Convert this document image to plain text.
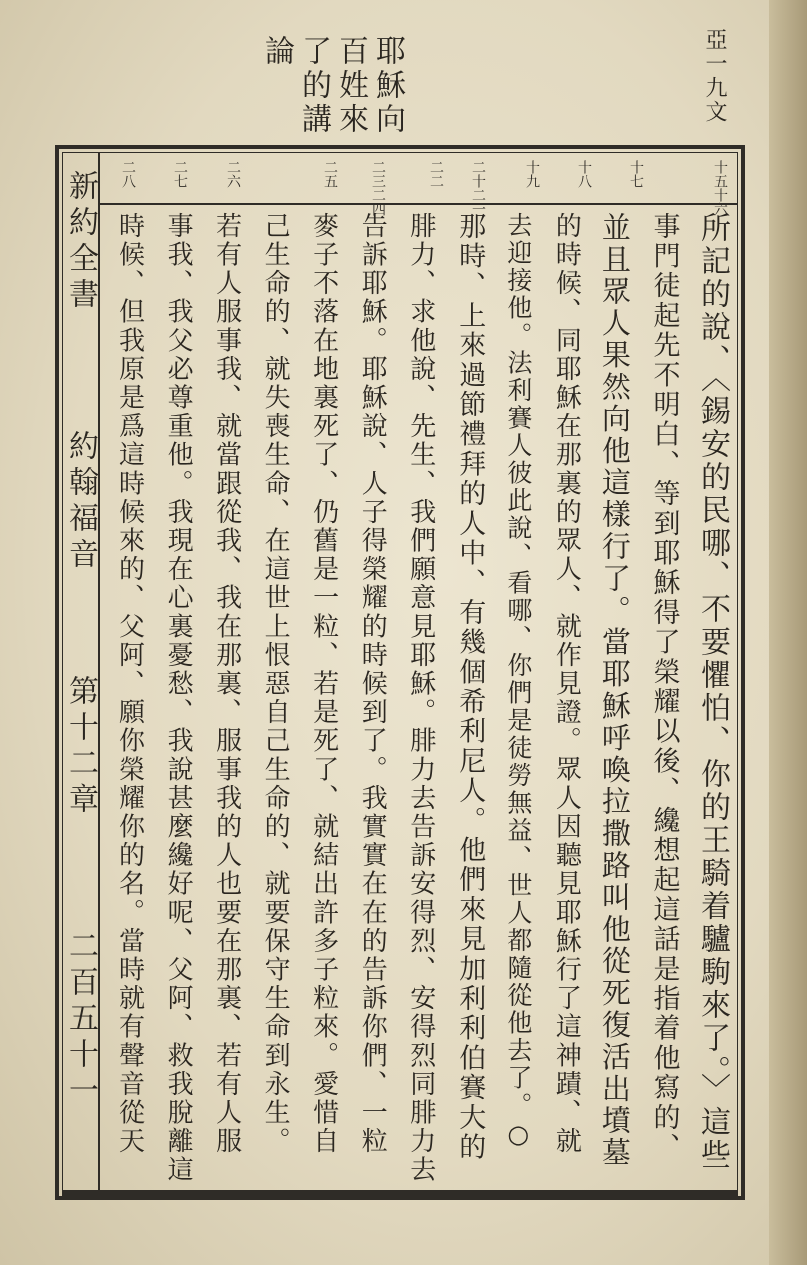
耶穌向
百姓來
了的講
論	亞一九文
新約全書
約翰福音
第十二章
二百五十一
十五十六
十七
十八
十九
二十二一
二二
二三二四
二五
二六
二七
二八
所記的說、〈錫安的民哪、不要懼怕、你的王騎着驢駒來了。〉這些
事門徒起先不明白、等到耶穌得了榮耀以後、纔想起這話是指着他寫的、
並且眾人果然向他這樣行了。當耶穌呼喚拉撒路叫他從死復活出墳墓
的時候、同耶穌在那裏的眾人、就作見證。眾人因聽見耶穌行了這神蹟、就
去迎接他。法利賽人彼此說、看哪、你們是徒勞無益、世人都隨從他去了。○
那時、上來過節禮拜的人中、有幾個希利尼人。他們來見加利利伯賽大的
腓力、求他說、先生、我們願意見耶穌。腓力去告訴安得烈、安得烈同腓力去
告訴耶穌。耶穌說、人子得榮耀的時候到了。我實實在在的告訴你們、一粒
麥子不落在地裏死了、仍舊是一粒、若是死了、就結出許多子粒來。愛惜自
己生命的、就失喪生命、在這世上恨惡自己生命的、就要保守生命到永生。
若有人服事我、就當跟從我、我在那裏、服事我的人也要在那裏、若有人服
事我、我父必尊重他。我現在心裏憂愁、我說甚麼纔好呢、父阿、救我脫離這
時候、但我原是爲這時候來的、父阿、願你榮耀你的名。當時就有聲音從天
